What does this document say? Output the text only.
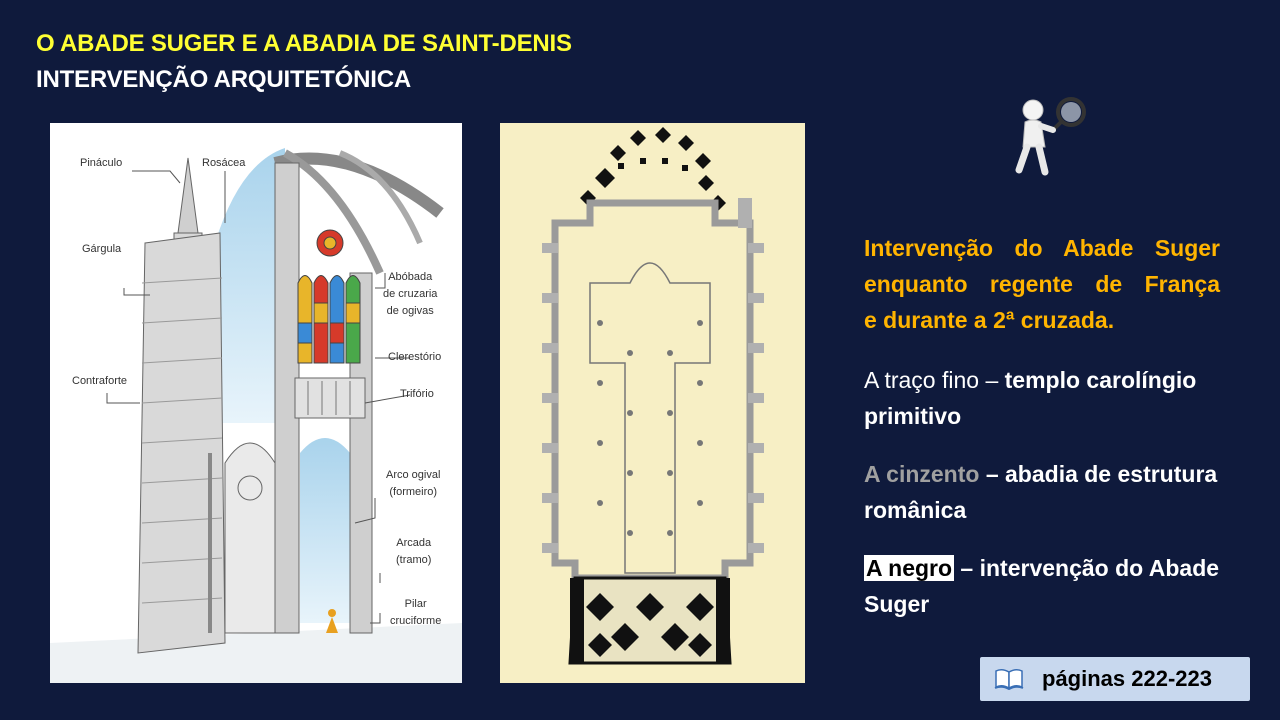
O ABADE SUGER E A ABADIA DE SAINT-DENIS
INTERVENÇÃO ARQUITETÓNICA
Pináculo	Rosácea
Gárgula
Abóbada
de cruzaria
de ogivas
Clerestório
Trifório
Contraforte
Arco ogival
(formeiro)
Arcada
(tramo)
Pilar
cruciforme
Intervenção do Abade Suger
enquanto regente de França
e durante a 2ª cruzada.
A traço fino – templo carolíngio primitivo
A cinzento – abadia de estrutura românica
A negro – intervenção do Abade Suger
páginas 222-223
